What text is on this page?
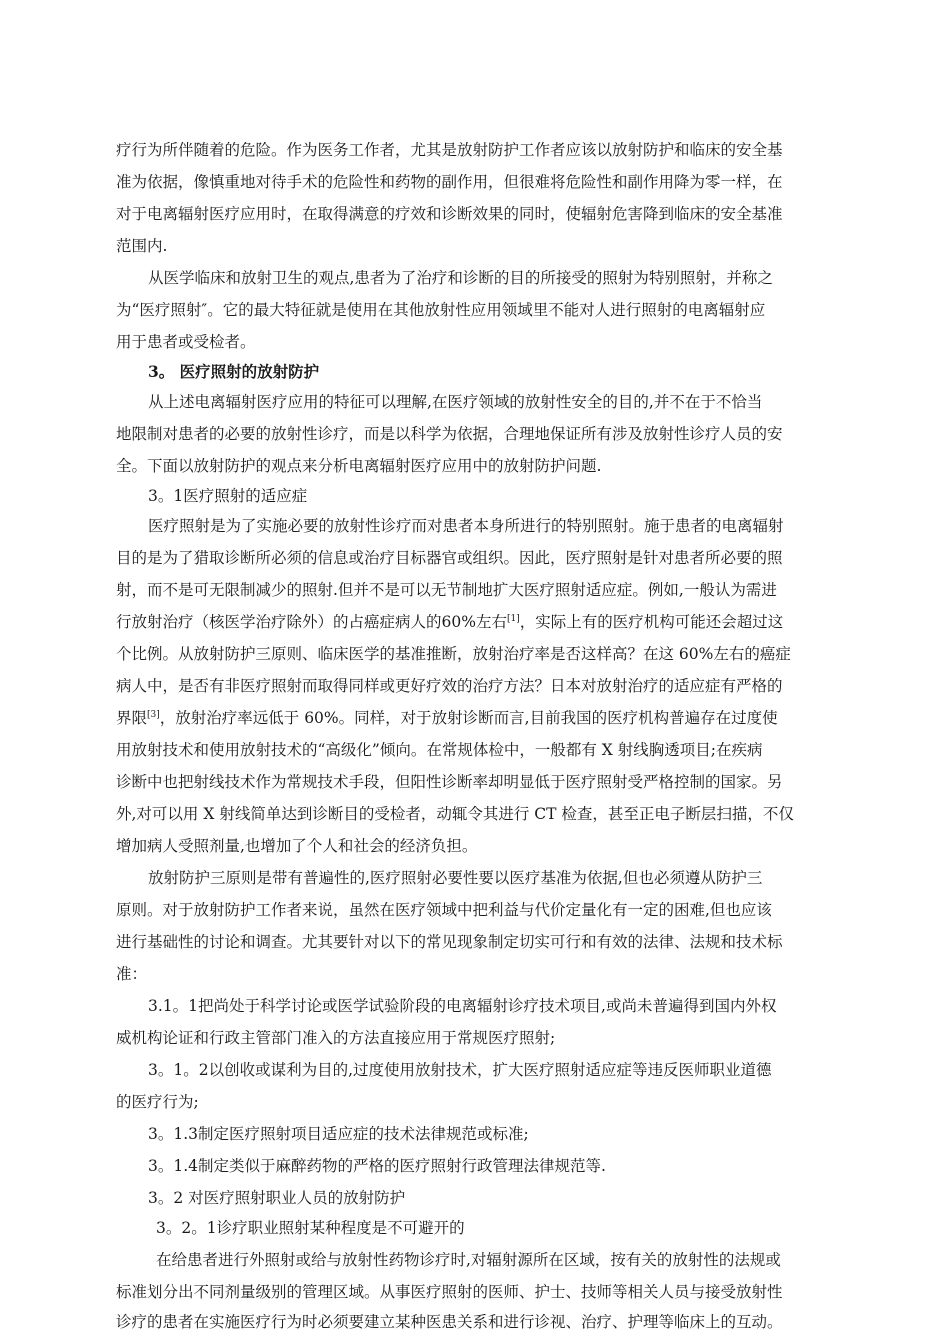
疗行为所伴随着的危险。作为医务工作者，尤其是放射防护工作者应该以放射防护和临床的安全基
准为依据，像慎重地对待手术的危险性和药物的副作用，但很难将危险性和副作用降为零一样，在
对于电离辐射医疗应用时，在取得满意的疗效和诊断效果的同时，使辐射危害降到临床的安全基准
范围内.
从医学临床和放射卫生的观点,患者为了治疗和诊断的目的所接受的照射为特别照射，并称之
为“医疗照射″。它的最大特征就是使用在其他放射性应用领域里不能对人进行照射的电离辐射应
用于患者或受检者。
3。 医疗照射的放射防护
从上述电离辐射医疗应用的特征可以理解,在医疗领域的放射性安全的目的,并不在于不恰当
地限制对患者的必要的放射性诊疗，而是以科学为依据，合理地保证所有涉及放射性诊疗人员的安
全。下面以放射防护的观点来分析电离辐射医疗应用中的放射防护问题.
3。1医疗照射的适应症
医疗照射是为了实施必要的放射性诊疗而对患者本身所进行的特别照射。施于患者的电离辐射
目的是为了猎取诊断所必须的信息或治疗目标器官或组织。因此，医疗照射是针对患者所必要的照
射，而不是可无限制减少的照射.但并不是可以无节制地扩大医疗照射适应症。例如,一般认为需进
行放射治疗（核医学治疗除外）的占癌症病人的60%左右[1]，实际上有的医疗机构可能还会超过这
个比例。从放射防护三原则、临床医学的基准推断，放射治疗率是否这样高？在这 60%左右的癌症
病人中，是否有非医疗照射而取得同样或更好疗效的治疗方法？日本对放射治疗的适应症有严格的
界限[3]，放射治疗率远低于 60%。同样，对于放射诊断而言,目前我国的医疗机构普遍存在过度使
用放射技术和使用放射技术的“高级化”倾向。在常规体检中，一般都有 X 射线胸透项目;在疾病
诊断中也把射线技术作为常规技术手段，但阳性诊断率却明显低于医疗照射受严格控制的国家。另
外,对可以用 X 射线简单达到诊断目的受检者，动辄令其进行 CT 检查，甚至正电子断层扫描，不仅
增加病人受照剂量,也增加了个人和社会的经济负担。
放射防护三原则是带有普遍性的,医疗照射必要性要以医疗基准为依据,但也必须遵从防护三
原则。对于放射防护工作者来说，虽然在医疗领域中把利益与代价定量化有一定的困难,但也应该
进行基础性的讨论和调查。尤其要针对以下的常见现象制定切实可行和有效的法律、法规和技术标
准：
3.1。1把尚处于科学讨论或医学试验阶段的电离辐射诊疗技术项目,或尚未普遍得到国内外权
威机构论证和行政主管部门准入的方法直接应用于常规医疗照射;
3。1。2以创收或谋利为目的,过度使用放射技术，扩大医疗照射适应症等违反医师职业道德
的医疗行为;
3。1.3制定医疗照射项目适应症的技术法律规范或标准;
3。1.4制定类似于麻醉药物的严格的医疗照射行政管理法律规范等.
3。2 对医疗照射职业人员的放射防护
3。2。1诊疗职业照射某种程度是不可避开的
在给患者进行外照射或给与放射性药物诊疗时,对辐射源所在区域，按有关的放射性的法规或
标准划分出不同剂量级别的管理区域。从事医疗照射的医师、护士、技师等相关人员与接受放射性
诊疗的患者在实施医疗行为时必须要建立某种医患关系和进行诊视、治疗、护理等临床上的互动。
